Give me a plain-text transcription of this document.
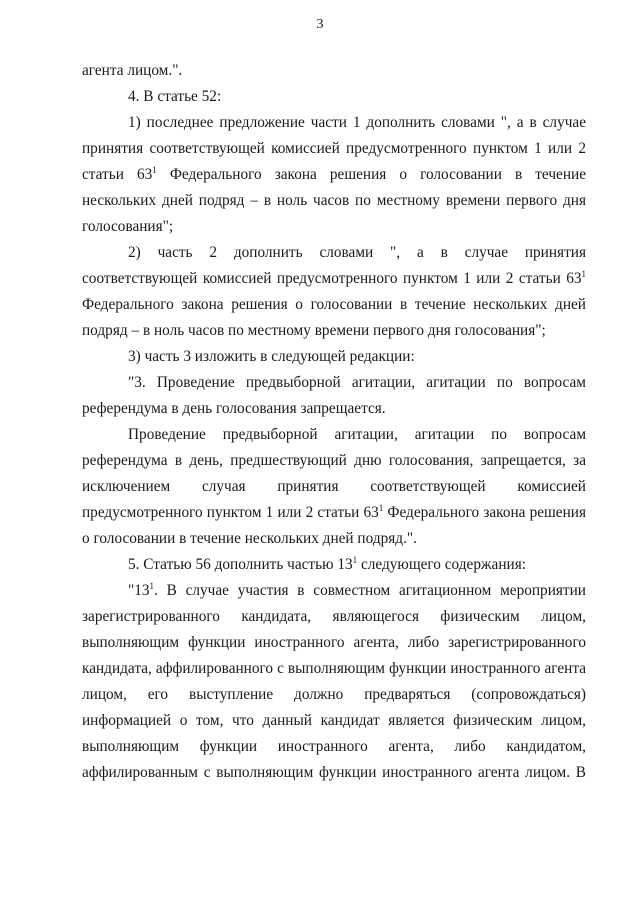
3

агента лицом.".

4. В статье 52:

1) последнее предложение части 1 дополнить словами ", а в случае принятия соответствующей комиссией предусмотренного пунктом 1 или 2 статьи $63^1$ Федерального закона решения о голосовании в течение нескольких дней подряд – в ноль часов по местному времени первого дня голосования";

2) часть 2 дополнить словами ", а в случае принятия соответствующей комиссией предусмотренного пунктом 1 или 2 статьи $63^1$ Федерального закона решения о голосовании в течение нескольких дней подряд – в ноль часов по местному времени первого дня голосования";

3) часть 3 изложить в следующей редакции:

"3. Проведение предвыборной агитации, агитации по вопросам референдума в день голосования запрещается.

Проведение предвыборной агитации, агитации по вопросам референдума в день, предшествующий дню голосования, запрещается, за исключением случая принятия соответствующей комиссией предусмотренного пунктом 1 или 2 статьи $63^1$ Федерального закона решения о голосовании в течение нескольких дней подряд.".

5. Статью 56 дополнить частью $13^1$ следующего содержания:

"$13^1$. В случае участия в совместном агитационном мероприятии зарегистрированного кандидата, являющегося физическим лицом, выполняющим функции иностранного агента, либо зарегистрированного кандидата, аффилированного с выполняющим функции иностранного агента лицом, его выступление должно предваряться (сопровождаться) информацией о том, что данный кандидат является физическим лицом, выполняющим функции иностранного агента, либо кандидатом, аффилированным с выполняющим функции иностранного агента лицом. В
